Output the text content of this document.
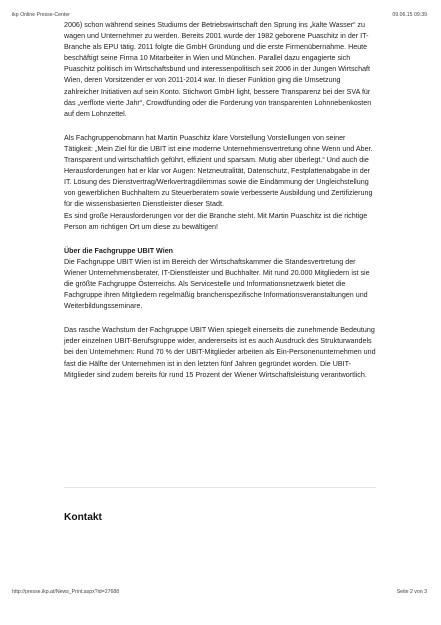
ikp Online Presse-Center	09.06.15 09:39

2006) schon während seines Studiums der Betriebswirtschaft den Sprung ins „kalte Wasser“ zu wagen und Unternehmer zu werden. Bereits 2001 wurde der 1982 geborene Puaschitz in der IT-Branche als EPU tätig. 2011 folgte die GmbH Gründung und die erste Firmenübernahme. Heute beschäftigt seine Firma 10 Mitarbeiter in Wien und München. Parallel dazu engagierte sich Puaschitz politisch im Wirtschaftsbund und interessenpolitisch seit 2006 in der Jungen Wirtschaft Wien, deren Vorsitzender er von 2011-2014 war. In dieser Funktion ging die Umsetzung zahlreicher Initiativen auf sein Konto. Stichwort GmbH light, bessere Transparenz bei der SVA für das „verflixte vierte Jahr“, Crowdfunding oder die Forderung von transparenten Lohnnebenkosten auf dem Lohnzettel.

Als Fachgruppenobmann hat Martin Puaschitz klare Vorstellung Vorstellungen von seiner Tätigkeit: „Mein Ziel für die UBIT ist eine moderne Unternehmensvertretung ohne Wenn und Aber. Transparent und wirtschaftlich geführt, effizient und sparsam. Mutig aber überlegt.“ Und auch die Herausforderungen hat er klar vor Augen: Netzneutralität, Datenschutz, Festplattenabgabe in der IT. Lösung des Dienstvertrag/Werkvertragdilemmas sowie die Eindämmung der Ungleichstellung von gewerblichen Buchhaltern zu Steuerberatern sowie verbesserte Ausbildung und Zertifizierung für die wissensbasierten Dienstleister dieser Stadt.

Es sind große Herausforderungen vor der die Branche steht. Mit Martin Puaschitz ist die richtige Person am richtigen Ort um diese zu bewältigen!

Über die Fachgruppe UBIT Wien

Die Fachgruppe UBIT Wien ist im Bereich der Wirtschaftskammer die Standesvertretung der Wiener Unternehmensberater, IT-Dienstleister und Buchhalter. Mit rund 20.000 Mitgliedern ist sie die größte Fachgruppe Österreichs. Als Servicestelle und Informationsnetzwerk bietet die Fachgruppe ihren Mitgliedern regelmäßig branchenspezifische Informationsveranstaltungen und Weiterbildungsseminare.

Das rasche Wachstum der Fachgruppe UBIT Wien spiegelt einerseits die zunehmende Bedeutung jeder einzelnen UBIT-Berufsgruppe wider, andererseits ist es auch Ausdruck des Strukturwandels bei den Unternehmen: Rund 70 % der UBIT-Mitglieder arbeiten als Ein-Personenunternehmen und fast die Hälfte der Unternehmen ist in den letzten fünf Jahren gegründet worden. Die UBIT-Mitglieder sind zudem bereits für rund 15 Prozent der Wiener Wirtschaftsleistung verantwortlich.

Kontakt
http://presse.ikp.at/News_Print.aspx?id=27688	Seite 2 von 3
